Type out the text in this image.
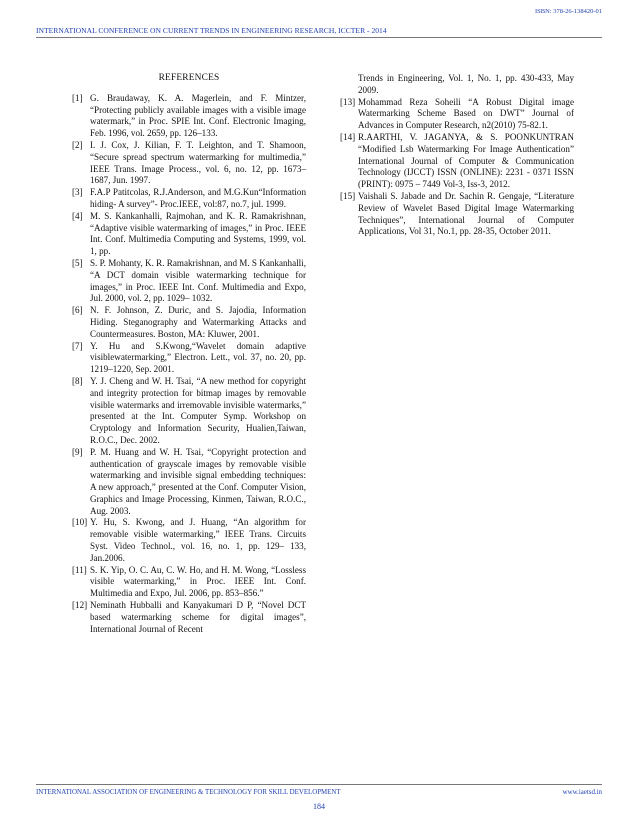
ISBN: 378-26-138420-01
INTERNATIONAL CONFERENCE ON CURRENT TRENDS IN ENGINEERING RESEARCH, ICCTER - 2014
REFERENCES
[1] G. Braudaway, K. A. Magerlein, and F. Mintzer, “Protecting publicly available images with a visible image watermark,” in Proc. SPIE Int. Conf. Electronic Imaging, Feb. 1996, vol. 2659, pp. 126–133.
[2] I. J. Cox, J. Kilian, F. T. Leighton, and T. Shamoon, “Secure spread spectrum watermarking for multimedia,” IEEE Trans. Image Process., vol. 6, no. 12, pp. 1673– 1687, Jun. 1997.
[3] F.A.P Patitcolas, R.J.Anderson, and M.G.Kun“Information hiding- A survey”- Proc.IEEE, vol:87, no.7, jul. 1999.
[4] M. S. Kankanhalli, Rajmohan, and K. R. Ramakrishnan, “Adaptive visible watermarking of images,” in Proc. IEEE Int. Conf. Multimedia Computing and Systems, 1999, vol. 1, pp.
[5] S. P. Mohanty, K. R. Ramakrishnan, and M. S Kankanhalli, “A DCT domain visible watermarking technique for images,” in Proc. IEEE Int. Conf. Multimedia and Expo, Jul. 2000, vol. 2, pp. 1029– 1032.
[6] N. F. Johnson, Z. Duric, and S. Jajodia, Information Hiding. Steganography and Watermarking Attacks and Countermeasures. Boston, MA: Kluwer, 2001.
[7] Y. Hu and S.Kwong,“Wavelet domain adaptive visiblewatermarking,” Electron. Lett., vol. 37, no. 20, pp. 1219–1220, Sep. 2001.
[8] Y. J. Cheng and W. H. Tsai, “A new method for copyright and integrity protection for bitmap images by removable visible watermarks and irremovable invisible watermarks,” presented at the Int. Computer Symp. Workshop on Cryptology and Information Security, Hualien,Taiwan, R.O.C., Dec. 2002.
[9] P. M. Huang and W. H. Tsai, “Copyright protection and authentication of grayscale images by removable visible watermarking and invisible signal embedding techniques: A new approach,” presented at the Conf. Computer Vision, Graphics and Image Processing, Kinmen, Taiwan, R.O.C., Aug. 2003.
[10] Y. Hu, S. Kwong, and J. Huang, “An algorithm for removable visible watermarking,” IEEE Trans. Circuits Syst. Video Technol., vol. 16, no. 1, pp. 129– 133, Jan.2006.
[11] S. K. Yip, O. C. Au, C. W. Ho, and H. M. Wong, “Lossless visible watermarking,” in Proc. IEEE Int. Conf. Multimedia and Expo, Jul. 2006, pp. 853–856.”
[12] Neminath Hubballi and Kanyakumari D P, “Novel DCT based watermarking scheme for digital images”, International Journal of Recent
Trends in Engineering, Vol. 1, No. 1, pp. 430-433, May 2009.
[13] Mohammad Reza Soheili “A Robust Digital image Watermarking Scheme Based on DWT” Journal of Advances in Computer Research, n2(2010) 75-82.1.
[14] R.AARTHI, V. JAGANYA, & S. POONKUNTRAN “Modified Lsb Watermarking For Image Authentication” International Journal of Computer & Communication Technology (IJCCT) ISSN (ONLINE): 2231 - 0371 ISSN (PRINT): 0975 – 7449 Vol-3, Iss-3, 2012.
[15] Vaishali S. Jabade and Dr. Sachin R. Gengaje, “Literature Review of Wavelet Based Digital Image Watermarking Techniques”, International Journal of Computer Applications, Vol 31, No.1, pp. 28-35, October 2011.
INTERNATIONAL ASSOCIATION OF ENGINEERING & TECHNOLOGY FOR SKILL DEVELOPMENT	www.iaetsd.in
184
